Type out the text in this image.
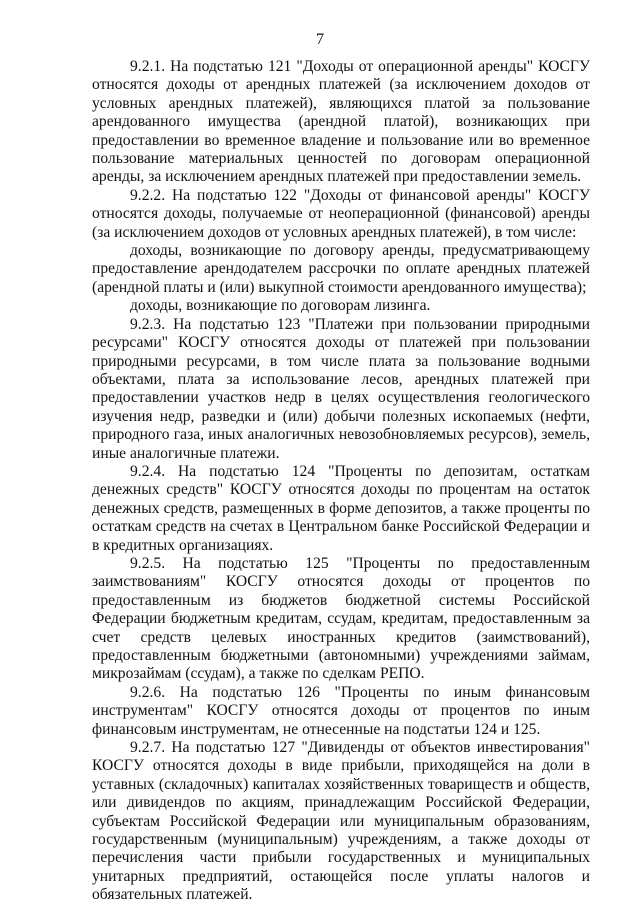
7

9.2.1. На подстатью 121 "Доходы от операционной аренды" КОСГУ относятся доходы от арендных платежей (за исключением доходов от условных арендных платежей), являющихся платой за пользование арендованного имущества (арендной платой), возникающих при предоставлении во временное владение и пользование или во временное пользование материальных ценностей по договорам операционной аренды, за исключением арендных платежей при предоставлении земель.

9.2.2. На подстатью 122 "Доходы от финансовой аренды" КОСГУ относятся доходы, получаемые от неоперационной (финансовой) аренды (за исключением доходов от условных арендных платежей), в том числе:

доходы, возникающие по договору аренды, предусматривающему предоставление арендодателем рассрочки по оплате арендных платежей (арендной платы и (или) выкупной стоимости арендованного имущества);

доходы, возникающие по договорам лизинга.

9.2.3. На подстатью 123 "Платежи при пользовании природными ресурсами" КОСГУ относятся доходы от платежей при пользовании природными ресурсами, в том числе плата за пользование водными объектами, плата за использование лесов, арендных платежей при предоставлении участков недр в целях осуществления геологического изучения недр, разведки и (или) добычи полезных ископаемых (нефти, природного газа, иных аналогичных невозобновляемых ресурсов), земель, иные аналогичные платежи.

9.2.4. На подстатью 124 "Проценты по депозитам, остаткам денежных средств" КОСГУ относятся доходы по процентам на остаток денежных средств, размещенных в форме депозитов, а также проценты по остаткам средств на счетах в Центральном банке Российской Федерации и в кредитных организациях.

9.2.5. На подстатью 125 "Проценты по предоставленным заимствованиям" КОСГУ относятся доходы от процентов по предоставленным из бюджетов бюджетной системы Российской Федерации бюджетным кредитам, ссудам, кредитам, предоставленным за счет средств целевых иностранных кредитов (заимствований), предоставленным бюджетными (автономными) учреждениями займам, микрозаймам (ссудам), а также по сделкам РЕПО.

9.2.6. На подстатью 126 "Проценты по иным финансовым инструментам" КОСГУ относятся доходы от процентов по иным финансовым инструментам, не отнесенные на подстатьи 124 и 125.

9.2.7. На подстатью 127 "Дивиденды от объектов инвестирования" КОСГУ относятся доходы в виде прибыли, приходящейся на доли в уставных (складочных) капиталах хозяйственных товариществ и обществ, или дивидендов по акциям, принадлежащим Российской Федерации, субъектам Российской Федерации или муниципальным образованиям, государственным (муниципальным) учреждениям, а также доходы от перечисления части прибыли государственных и муниципальных унитарных предприятий, остающейся после уплаты налогов и обязательных платежей.
